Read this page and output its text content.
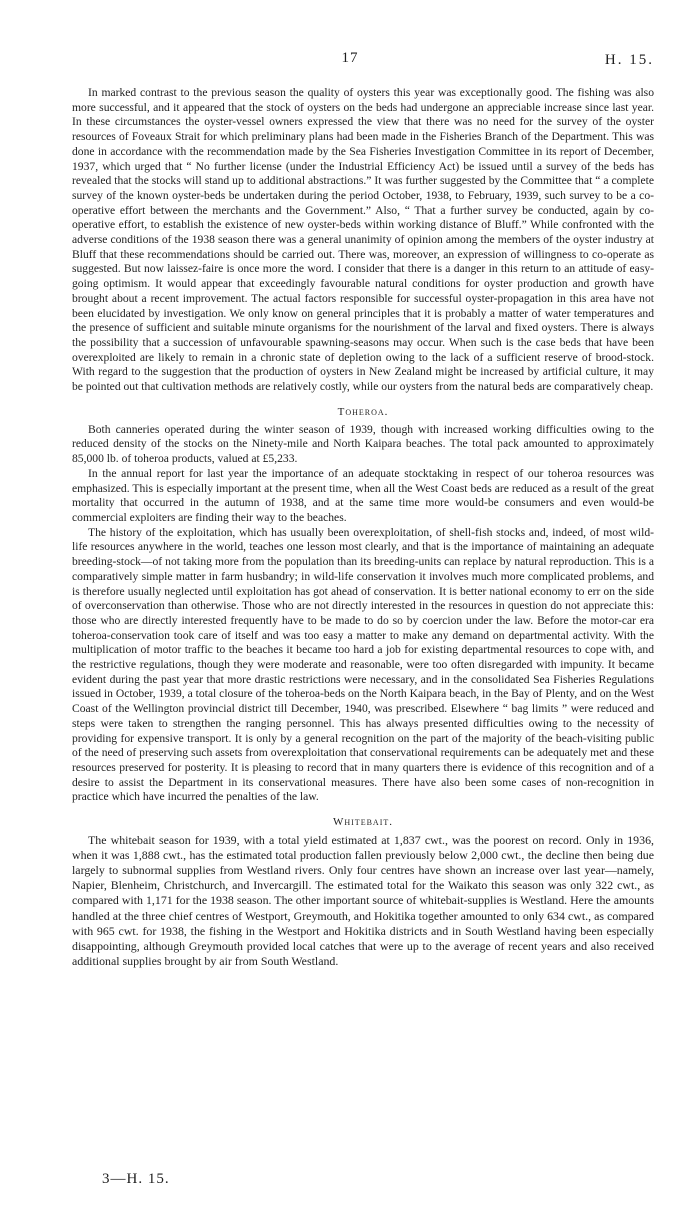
17	H. 15.

In marked contrast to the previous season the quality of oysters this year was exceptionally good. The fishing was also more successful, and it appeared that the stock of oysters on the beds had undergone an appreciable increase since last year. In these circumstances the oyster-vessel owners expressed the view that there was no need for the survey of the oyster resources of Foveaux Strait for which preliminary plans had been made in the Fisheries Branch of the Department. This was done in accordance with the recommendation made by the Sea Fisheries Investigation Committee in its report of December, 1937, which urged that “ No further license (under the Industrial Efficiency Act) be issued until a survey of the beds has revealed that the stocks will stand up to additional abstractions.” It was further suggested by the Committee that “ a complete survey of the known oyster-beds be undertaken during the period October, 1938, to February, 1939, such survey to be a co-operative effort between the merchants and the Government.” Also, “ That a further survey be conducted, again by co-operative effort, to establish the existence of new oyster-beds within working distance of Bluff.” While confronted with the adverse conditions of the 1938 season there was a general unanimity of opinion among the members of the oyster industry at Bluff that these recommendations should be carried out. There was, moreover, an expression of willingness to co-operate as suggested. But now laissez-faire is once more the word. I consider that there is a danger in this return to an attitude of easy-going optimism. It would appear that exceedingly favourable natural conditions for oyster production and growth have brought about a recent improvement. The actual factors responsible for successful oyster-propagation in this area have not been elucidated by investigation. We only know on general principles that it is probably a matter of water temperatures and the presence of sufficient and suitable minute organisms for the nourishment of the larval and fixed oysters. There is always the possibility that a succession of unfavourable spawning-seasons may occur. When such is the case beds that have been overexploited are likely to remain in a chronic state of depletion owing to the lack of a sufficient reserve of brood-stock. With regard to the suggestion that the production of oysters in New Zealand might be increased by artificial culture, it may be pointed out that cultivation methods are relatively costly, while our oysters from the natural beds are comparatively cheap.

Toheroa.

Both canneries operated during the winter season of 1939, though with increased working difficulties owing to the reduced density of the stocks on the Ninety-mile and North Kaipara beaches. The total pack amounted to approximately 85,000 lb. of toheroa products, valued at £5,233.

In the annual report for last year the importance of an adequate stocktaking in respect of our toheroa resources was emphasized. This is especially important at the present time, when all the West Coast beds are reduced as a result of the great mortality that occurred in the autumn of 1938, and at the same time more would-be consumers and even would-be commercial exploiters are finding their way to the beaches.

The history of the exploitation, which has usually been overexploitation, of shell-fish stocks and, indeed, of most wild-life resources anywhere in the world, teaches one lesson most clearly, and that is the importance of maintaining an adequate breeding-stock—of not taking more from the population than its breeding-units can replace by natural reproduction. This is a comparatively simple matter in farm husbandry; in wild-life conservation it involves much more complicated problems, and is therefore usually neglected until exploitation has got ahead of conservation. It is better national economy to err on the side of overconservation than otherwise. Those who are not directly interested in the resources in question do not appreciate this: those who are directly interested frequently have to be made to do so by coercion under the law. Before the motor-car era toheroa-conservation took care of itself and was too easy a matter to make any demand on departmental activity. With the multiplication of motor traffic to the beaches it became too hard a job for existing departmental resources to cope with, and the restrictive regulations, though they were moderate and reasonable, were too often disregarded with impunity. It became evident during the past year that more drastic restrictions were necessary, and in the consolidated Sea Fisheries Regulations issued in October, 1939, a total closure of the toheroa-beds on the North Kaipara beach, in the Bay of Plenty, and on the West Coast of the Wellington provincial district till December, 1940, was prescribed. Elsewhere “ bag limits ” were reduced and steps were taken to strengthen the ranging personnel. This has always presented difficulties owing to the necessity of providing for expensive transport. It is only by a general recognition on the part of the majority of the beach-visiting public of the need of preserving such assets from overexploitation that conservational requirements can be adequately met and these resources preserved for posterity. It is pleasing to record that in many quarters there is evidence of this recognition and of a desire to assist the Department in its conservational measures. There have also been some cases of non-recognition in practice which have incurred the penalties of the law.

Whitebait.

The whitebait season for 1939, with a total yield estimated at 1,837 cwt., was the poorest on record. Only in 1936, when it was 1,888 cwt., has the estimated total production fallen previously below 2,000 cwt., the decline then being due largely to subnormal supplies from Westland rivers. Only four centres have shown an increase over last year—namely, Napier, Blenheim, Christchurch, and Invercargill. The estimated total for the Waikato this season was only 322 cwt., as compared with 1,171 for the 1938 season. The other important source of whitebait-supplies is Westland. Here the amounts handled at the three chief centres of Westport, Greymouth, and Hokitika together amounted to only 634 cwt., as compared with 965 cwt. for 1938, the fishing in the Westport and Hokitika districts and in South Westland having been especially disappointing, although Greymouth provided local catches that were up to the average of recent years and also received additional supplies brought by air from South Westland.

3—H. 15.
